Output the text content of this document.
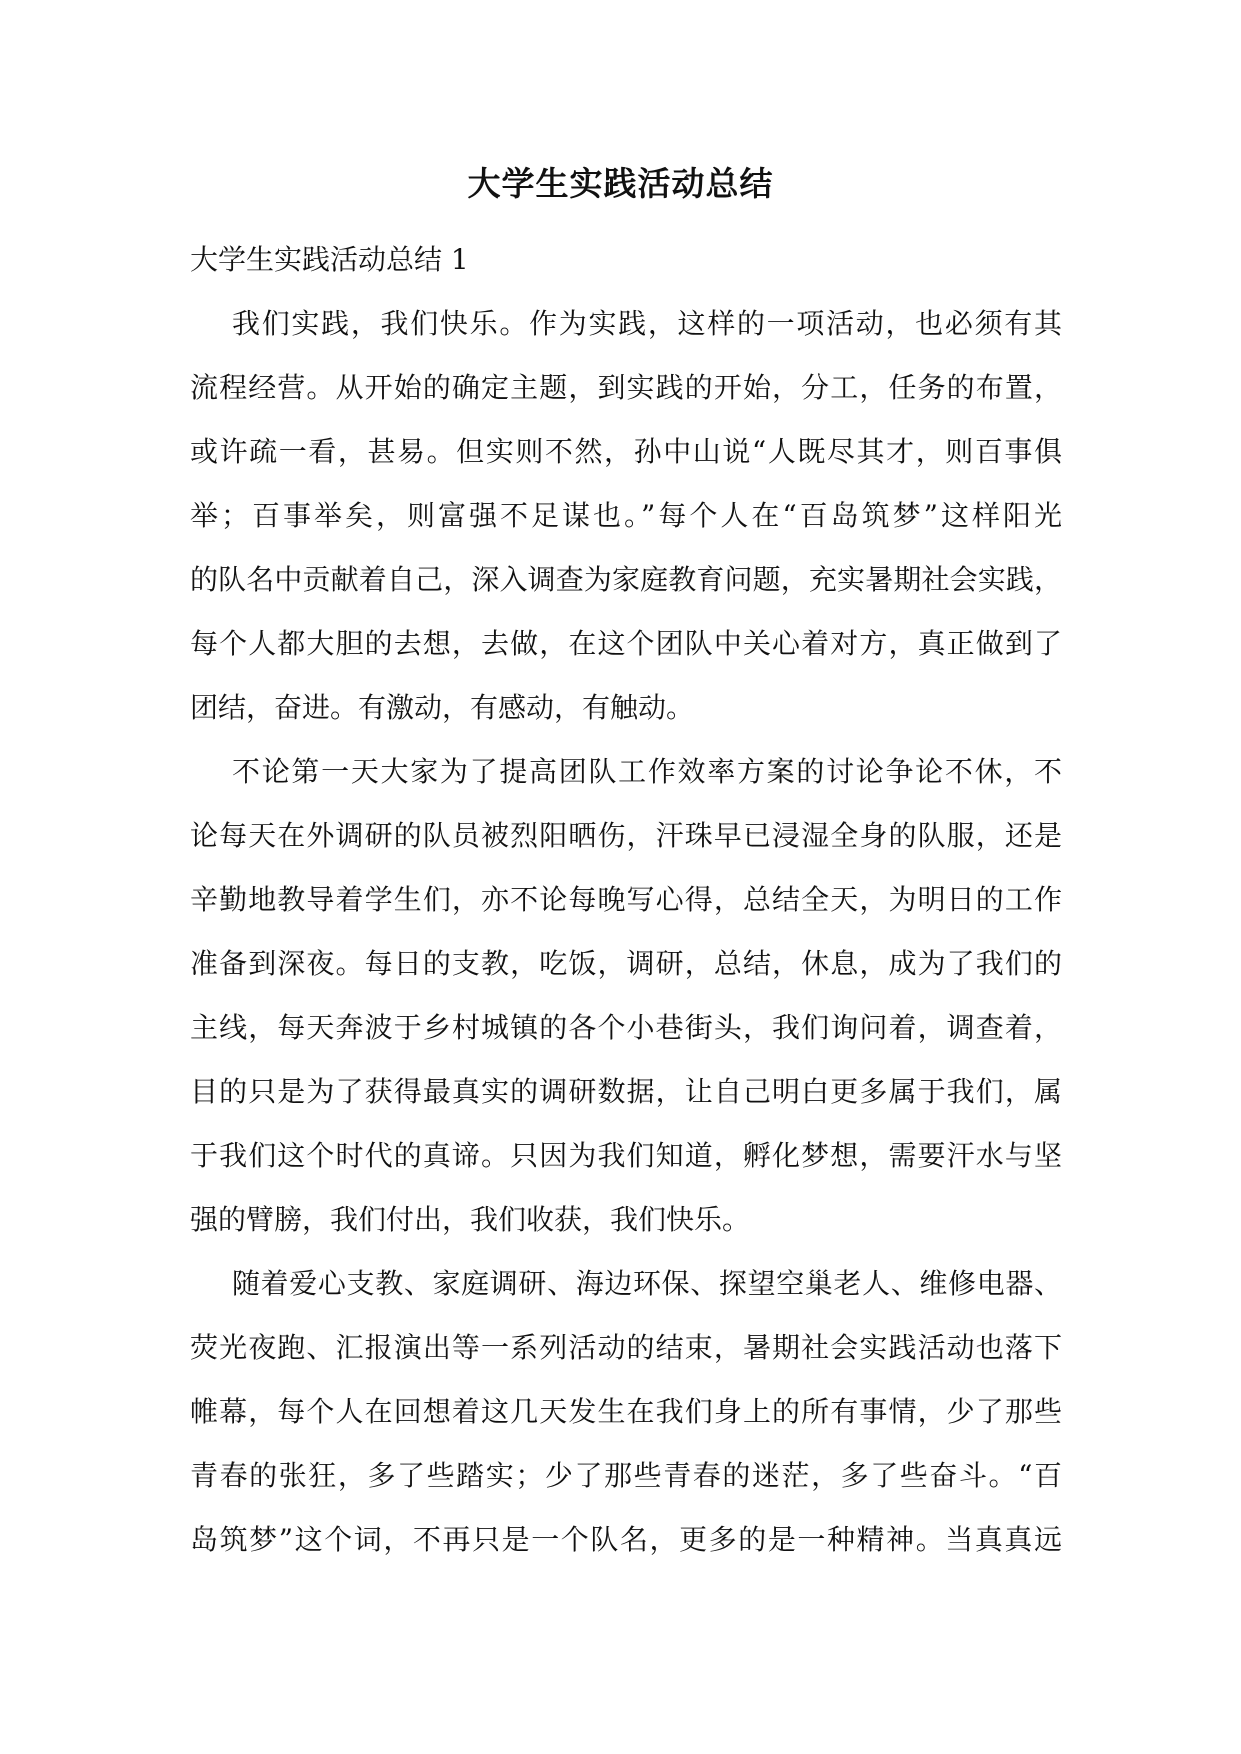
大学生实践活动总结
大学生实践活动总结 1
我们实践，我们快乐。作为实践，这样的一项活动，也必须有其
流程经营。从开始的确定主题，到实践的开始，分工，任务的布置，
或许疏一看，甚易。但实则不然，孙中山说“人既尽其才，则百事俱
举；百事举矣，则富强不足谋也。”每个人在“百岛筑梦”这样阳光
的队名中贡献着自己，深入调查为家庭教育问题，充实暑期社会实践，
每个人都大胆的去想，去做，在这个团队中关心着对方，真正做到了
团结，奋进。有激动，有感动，有触动。
不论第一天大家为了提高团队工作效率方案的讨论争论不休，不
论每天在外调研的队员被烈阳晒伤，汗珠早已浸湿全身的队服，还是
辛勤地教导着学生们，亦不论每晚写心得，总结全天，为明日的工作
准备到深夜。每日的支教，吃饭，调研，总结，休息，成为了我们的
主线，每天奔波于乡村城镇的各个小巷街头，我们询问着，调查着，
目的只是为了获得最真实的调研数据，让自己明白更多属于我们，属
于我们这个时代的真谛。只因为我们知道，孵化梦想，需要汗水与坚
强的臂膀，我们付出，我们收获，我们快乐。
随着爱心支教、家庭调研、海边环保、探望空巢老人、维修电器、
荧光夜跑、汇报演出等一系列活动的结束，暑期社会实践活动也落下
帷幕，每个人在回想着这几天发生在我们身上的所有事情，少了那些
青春的张狂，多了些踏实；少了那些青春的迷茫，多了些奋斗。“百
岛筑梦”这个词，不再只是一个队名，更多的是一种精神。当真真远
